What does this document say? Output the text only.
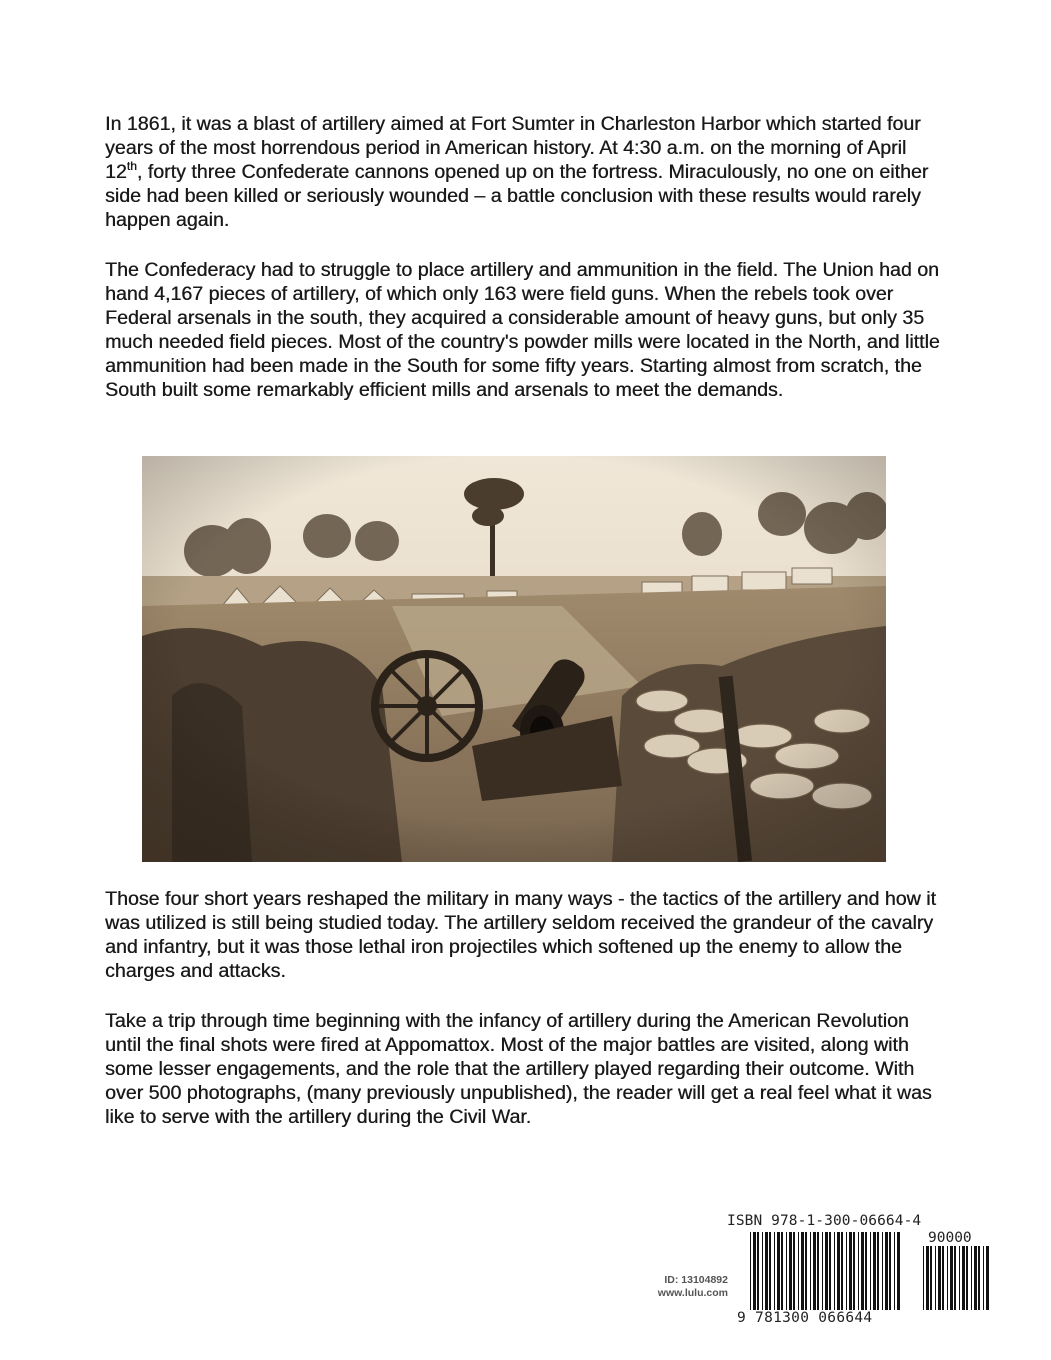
In 1861, it was a blast of artillery aimed at Fort Sumter in Charleston Harbor which started four years of the most horrendous period in American history. At 4:30 a.m. on the morning of April 12th, forty three Confederate cannons opened up on the fortress. Miraculously, no one on either side had been killed or seriously wounded – a battle conclusion with these results would rarely happen again.

The Confederacy had to struggle to place artillery and ammunition in the field. The Union had on hand 4,167 pieces of artillery, of which only 163 were field guns. When the rebels took over Federal arsenals in the south, they acquired a considerable amount of heavy guns, but only 35 much needed field pieces. Most of the country's powder mills were located in the North, and little ammunition had been made in the South for some fifty years. Starting almost from scratch, the South built some remarkably efficient mills and arsenals to meet the demands.

Those four short years reshaped the military in many ways - the tactics of the artillery and how it was utilized is still being studied today. The artillery seldom received the grandeur of the cavalry and infantry, but it was those lethal iron projectiles which softened up the enemy to allow the charges and attacks.

Take a trip through time beginning with the infancy of artillery during the American Revolution until the final shots were fired at Appomattox. Most of the major battles are visited, along with some lesser engagements, and the role that the artillery played regarding their outcome. With over 500 photographs, (many previously unpublished), the reader will get a real feel what it was like to serve with the artillery during the Civil War.

ID: 13104892
www.lulu.com
ISBN 978-1-300-06664-4
90000
9 781300 066644
